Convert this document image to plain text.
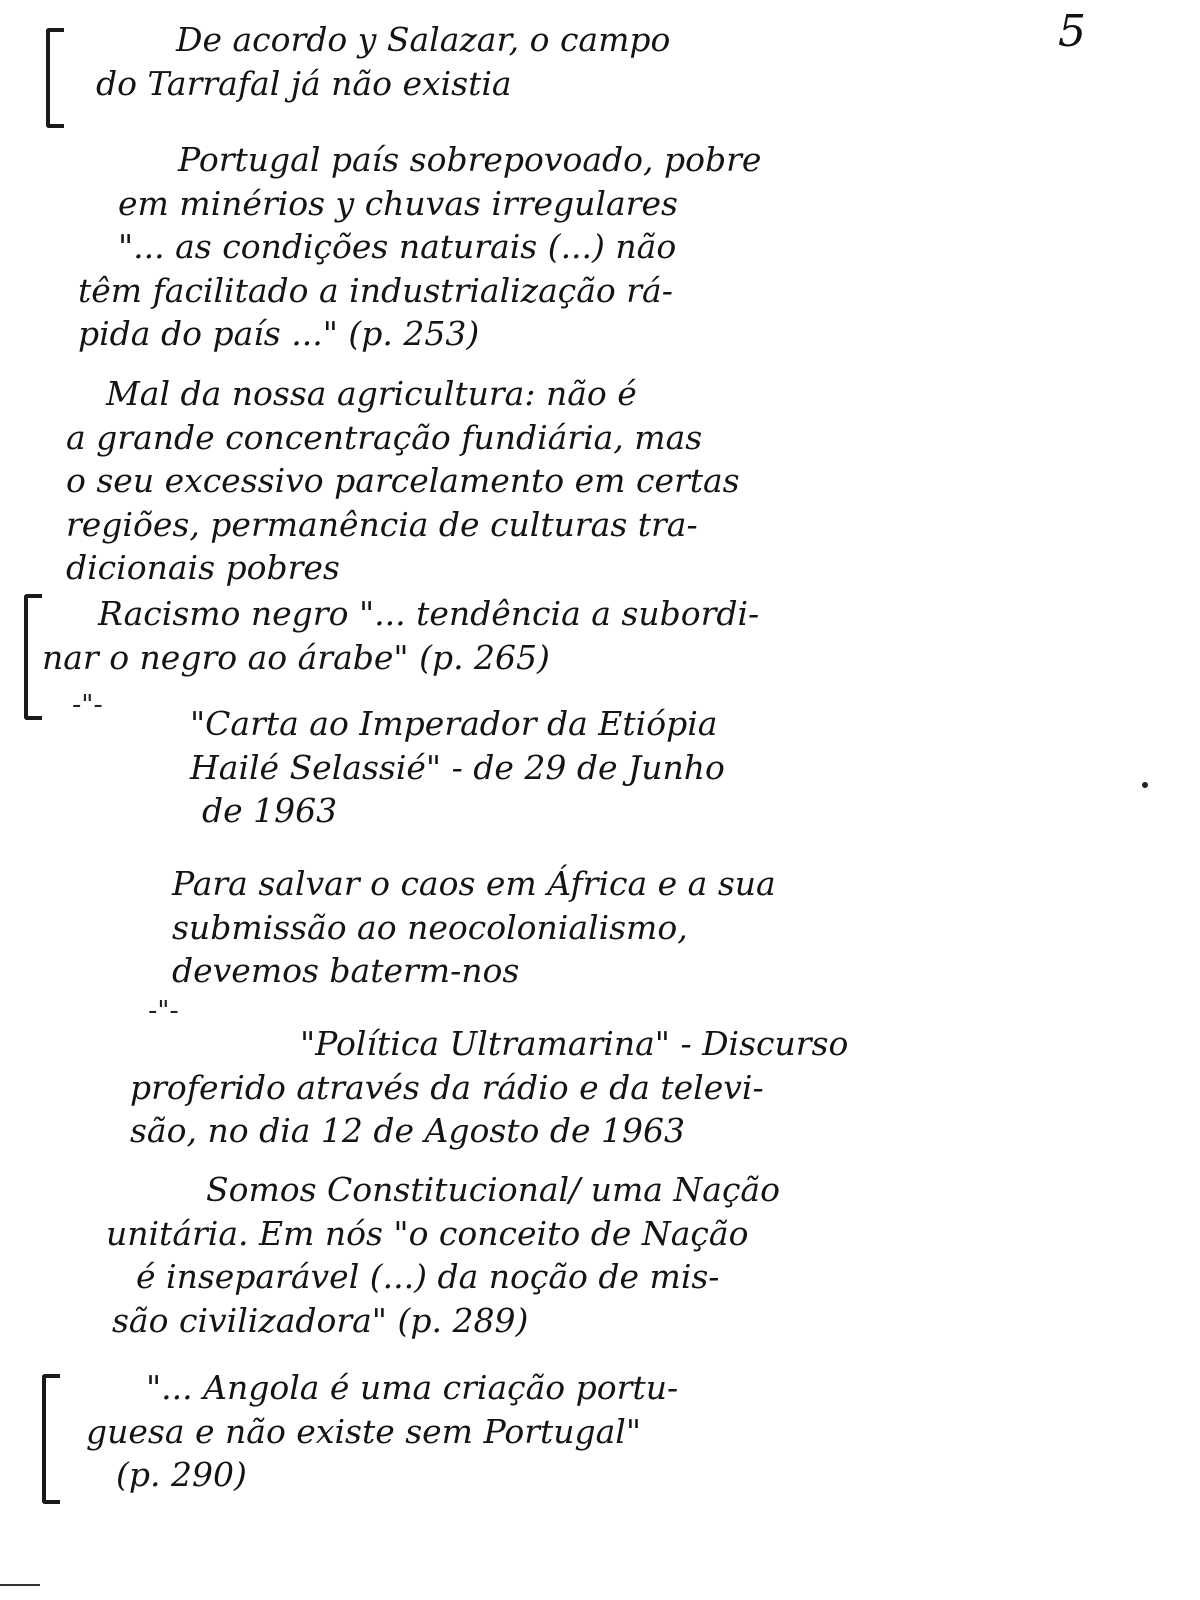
5
De acordo y Salazar, o campo
do Tarrafal já não existia
Portugal país sobrepovoado, pobre
em minérios y chuvas irregulares
"... as condições naturais (...) não
têm facilitado a industrialização rá-
pida do país ..." (p. 253)
Mal da nossa agricultura: não é
a grande concentração fundiária, mas
o seu excessivo parcelamento em certas
regiões, permanência de culturas tra-
dicionais pobres
Racismo negro "... tendência a subordi-
nar o negro ao árabe" (p. 265)
-"-	"Carta ao Imperador da Etiópia
Hailé Selassié" - de 29 de Junho
de 1963
Para salvar o caos em África e a sua
submissão ao neocolonialismo,
devemos baterm-nos
-"-
"Política Ultramarina" - Discurso
proferido através da rádio e da televi-
são, no dia 12 de Agosto de 1963
Somos Constitucional/ uma Nação
unitária. Em nós "o conceito de Nação
é inseparável (...) da noção de mis-
são civilizadora" (p. 289)
"... Angola é uma criação portu-
guesa e não existe sem Portugal"
(p. 290)
